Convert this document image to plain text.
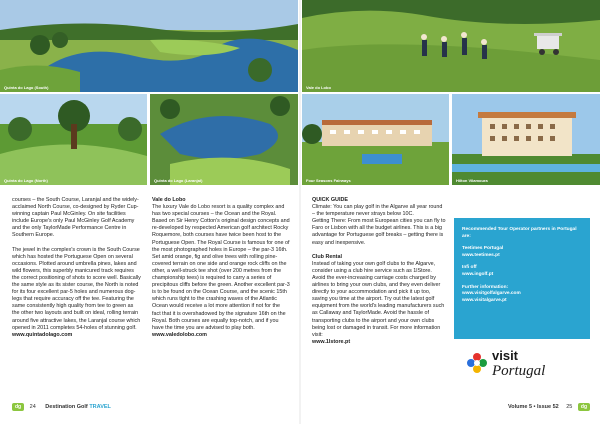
Quinta do Lago (South)	Vale do Lobo
Quinta do Lago (North)	Quinta do Lago (Laranjal)	Four Seasons Fairways	Hilton Vilamoura

courses – the South Course, Laranjal and the widely-acclaimed North Course, co-designed by Ryder Cup-winning captain Paul McGinley. On site facilities include Europe's only Paul McGinley Golf Academy and the only TaylorMade Performance Centre in Southern Europe.

The jewel in the complex's crown is the South Course which has hosted the Portuguese Open on several occasions. Plotted around umbrella pines, lakes and wild flowers, this superbly manicured track requires the correct positioning of shots to score well. Basically the same style as its sister course, the North is noted for its four excellent par-5 holes and numerous dog-legs that require accuracy off the tee. Featuring the same consistently high quality from tee to green as the other two layouts and built on ideal, rolling terrain around five attractive lakes, the Laranjal course which opened in 2011 completes 54-holes of stunning golf.

www.quintadolago.com
Vale do Lobo

The luxury Vale do Lobo resort is a quality complex and has two special courses – the Ocean and the Royal. Based on Sir Henry Cotton's original design concepts and re-developed by respected American golf architect Rocky Roquemore, both courses have twice been host to the Portuguese Open. The Royal Course is famous for one of the most photographed holes in Europe – the par-3 16th. Set amid orange, fig and olive trees with rolling pine-covered terrain on one side and orange rock cliffs on the other, a well-struck tee shot (over 200 metres from the championship tees) is required to carry a series of precipitous cliffs before the green. Another excellent par-3 is to be found on the Ocean Course, and the scenic 15th which runs tight to the crashing waves of the Atlantic Ocean would receive a lot more attention if not for the fact that it is overshadowed by the signature 16th on the Royal. Both courses are equally top-notch, and if you have the time you are advised to play both.

www.valedolobo.com
QUICK GUIDE

Climate: You can play golf in the Algarve all year round – the temperature never strays below 10C.
Getting There: From most European cities you can fly to Faro or Lisbon with all the budget airlines. This is a big advantage for Portuguese golf breaks – getting there is easy and inexpensive.

Club Rental

Instead of taking your own golf clubs to the Algarve, consider using a club hire service such as 1lStore. Avoid the ever-increasing carriage costs charged by airlines to bring your own clubs, and they even deliver directly to your accommodation and pick it up too, saving you time at the airport. Try out the latest golf equipment from the world's leading manufacturers such as Callaway and TaylorMade. Avoid the hassle of transporting clubs to the airport and your own clubs being lost or damaged in transit. For more information visit:

www.1lstore.pt
Recommended Tour Operator partners in Portugal are:
Teetimes Portugal
www.teetimes.pt
Infi off
www.ingolf.pt
Further information:
www.visitgolfalgarve.com
www.visitalgarve.pt
visit
Portugal
dg 24 Destination Golf TRAVEL	Volume 5 • Issue 52 25 dg
